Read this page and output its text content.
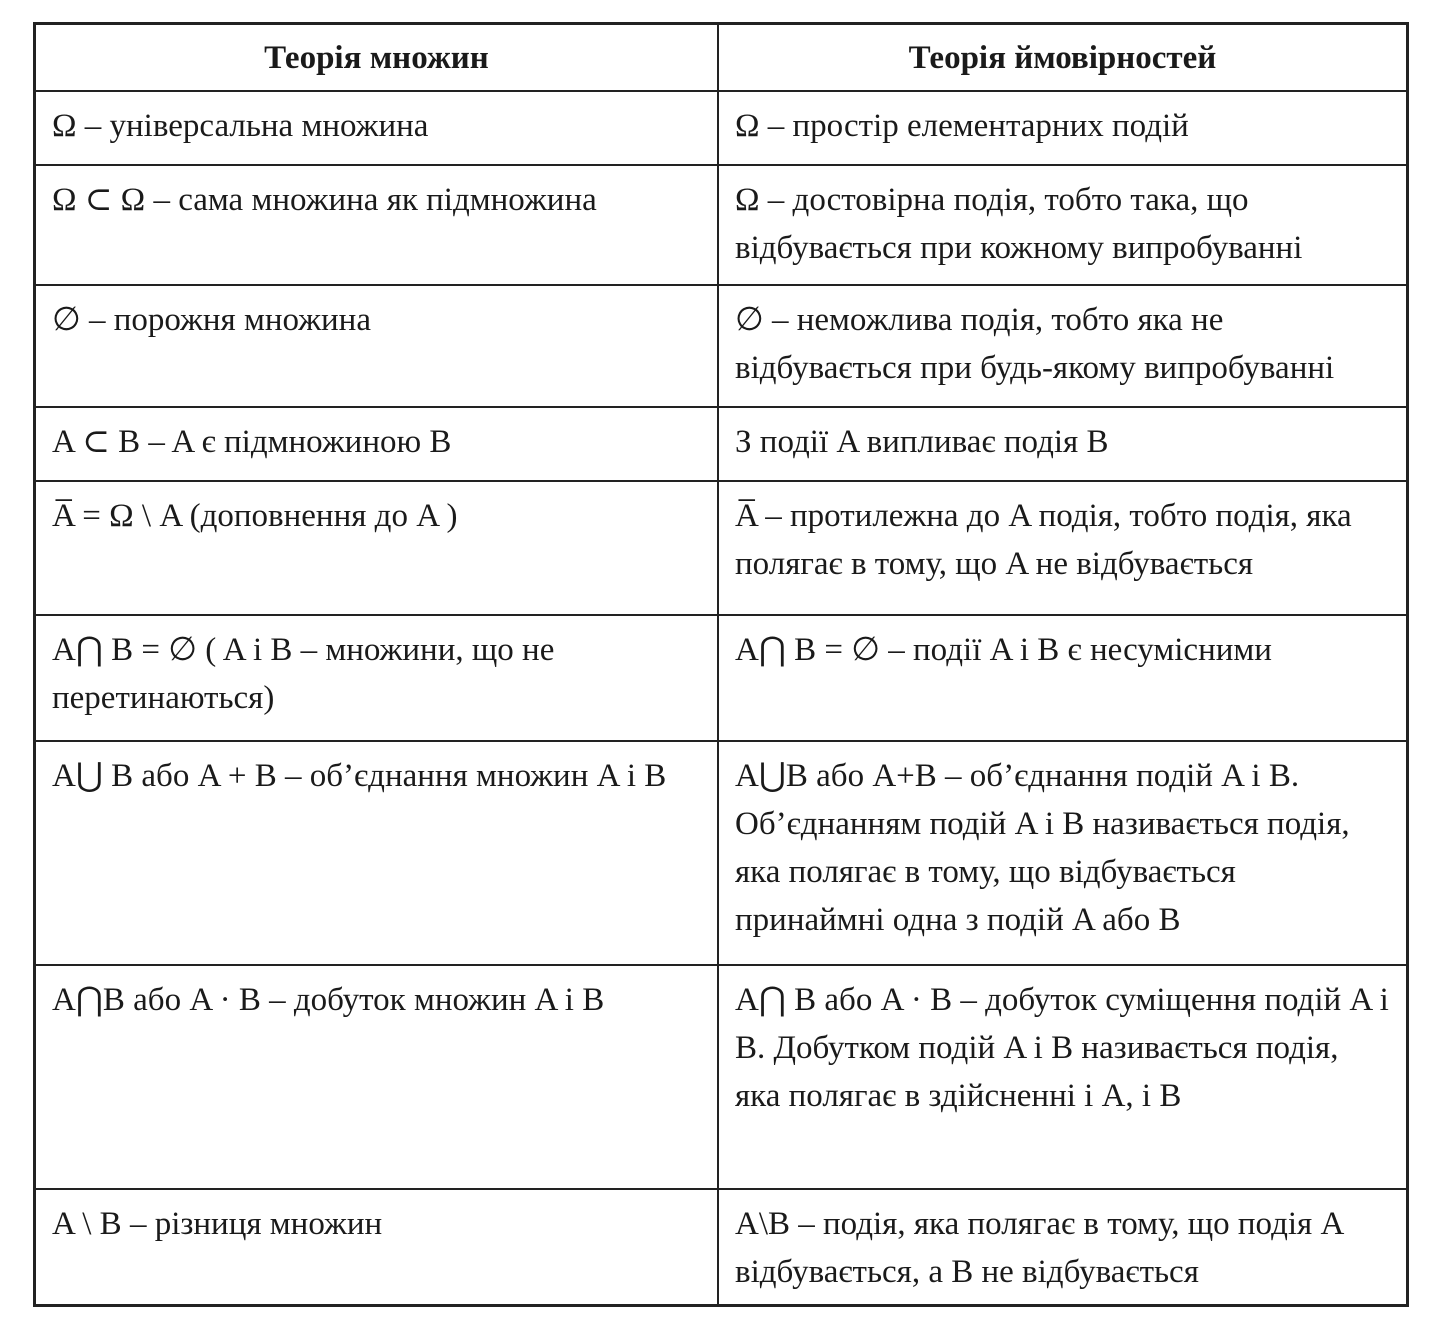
Теорія множин	Теорія ймовірностей
Ω – універсальна множина	Ω – простір елементарних подій
Ω ⊂ Ω – сама множина як підмножина	Ω – достовірна подія, тобто така, що відбувається при кожному випробуванні
∅ – порожня множина	∅ – неможлива подія, тобто яка не відбувається при будь-якому випробуванні
A ⊂ B – A є підмножиною B	З події A випливає подія B
A̅ = Ω \ A (доповнення до A )	A̅ – протилежна до A подія, тобто подія, яка полягає в тому, що A не відбувається
A⋂ B = ∅ ( A і B – множини, що не перетинаються)	A⋂ B = ∅ – події A і B є несумісними
A⋃ B або A + B – об’єднання множин A і B	A⋃B або A+B – об’єднання подій A і B. Об’єднанням подій A і B називається подія, яка полягає в тому, що відбувається принаймні одна з подій A або B
A⋂B або A · B – добуток множин A і B	A⋂ B або A · B – добуток суміщення подій A і B. Добутком подій A і B називається подія, яка полягає в здійсненні і A, і B
A \ B – різниця множин	A\B – подія, яка полягає в тому, що подія A відбувається, а B не відбувається
